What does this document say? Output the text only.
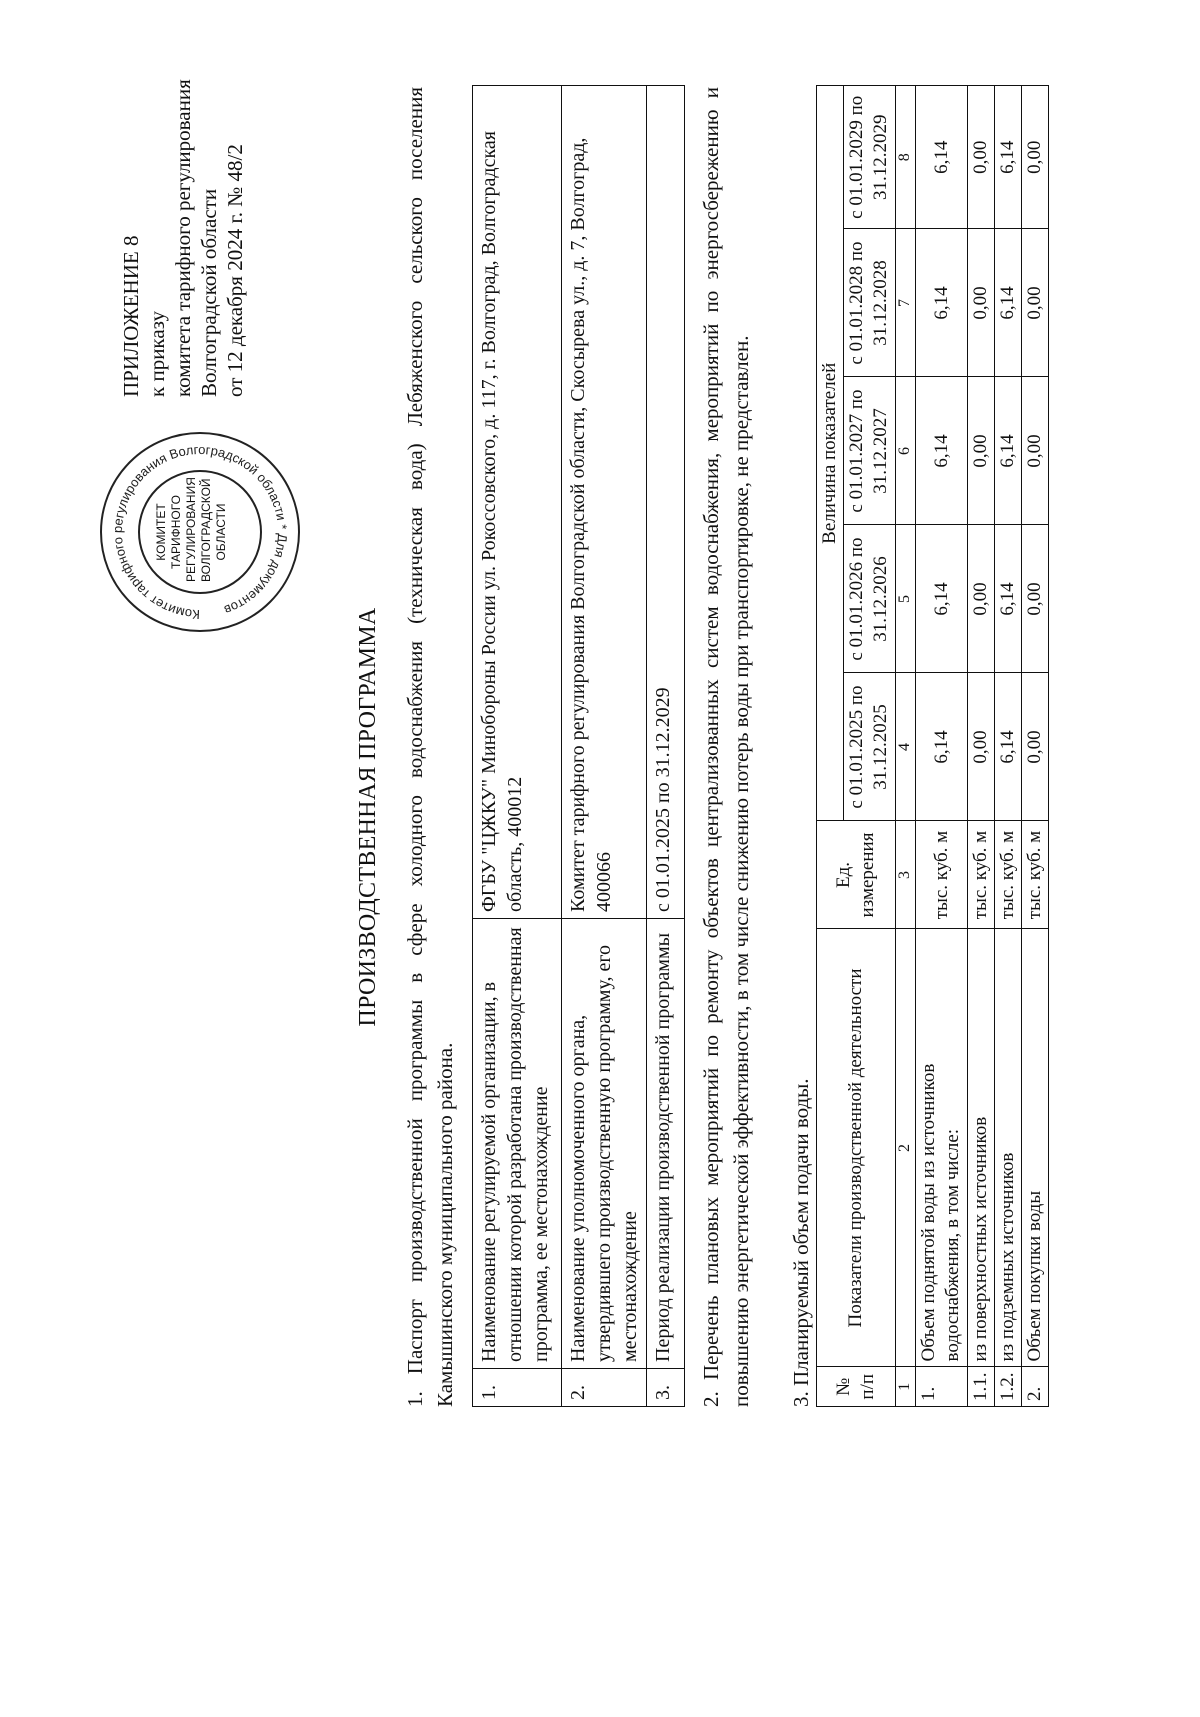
ПРИЛОЖЕНИЕ 8 к приказу комитета тарифного регулирования Волгоградской области от 12 декабря 2024 г. № 48/2
Комитет тарифного регулирования Волгоградской области * Для документов
КОМИТЕТ ТАРИФНОГО РЕГУЛИРОВАНИЯ ВОЛГОГРАДСКОЙ ОБЛАСТИ
ПРОИЗВОДСТВЕННАЯ ПРОГРАММА 1. Паспорт производственной программы в сфере холодного водоснабжения (техническая вода) Лебяженского сельского поселения Камышинского муниципального района. 1.	Наименование регулируемой организации, в отношении которой разработана производственная программа, ее местонахождение	ФГБУ "ЦЖКУ" Минобороны России ул. Рокоссовского, д. 117, г. Волгоград, Волгоградская область, 400012
2.	Наименование уполномоченного органа, утвердившего производственную программу, его местонахождение	Комитет тарифного регулирования Волгоградской области, Скосырева ул., д. 7, Волгоград, 400066
3.	Период реализации производственной программы	с 01.01.2025 по 31.12.2029 2. Перечень плановых мероприятий по ремонту объектов централизованных систем водоснабжения, мероприятий по энергосбережению и повышению энергетической эффективности, в том числе снижению потерь воды при транспортировке, не представлен. 3. Планируемый объем подачи воды. № п/п	Показатели производственной деятельности	Ед. измерения	Величина показателей				
			с 01.01.2025 по 31.12.2025	с 01.01.2026 по 31.12.2026	с 01.01.2027 по 31.12.2027	с 01.01.2028 по 31.12.2028	с 01.01.2029 по 31.12.2029
1	2	3	4	5	6	7	8
1.	Объем поднятой воды из источников водоснабжения, в том числе:	тыс. куб. м	6,14	6,14	6,14	6,14	6,14
1.1.	из поверхностных источников	тыс. куб. м	0,00	0,00	0,00	0,00	0,00
1.2.	из подземных источников	тыс. куб. м	6,14	6,14	6,14	6,14	6,14
2.	Объем покупки воды	тыс. куб. м	0,00	0,00	0,00	0,00	0,00
